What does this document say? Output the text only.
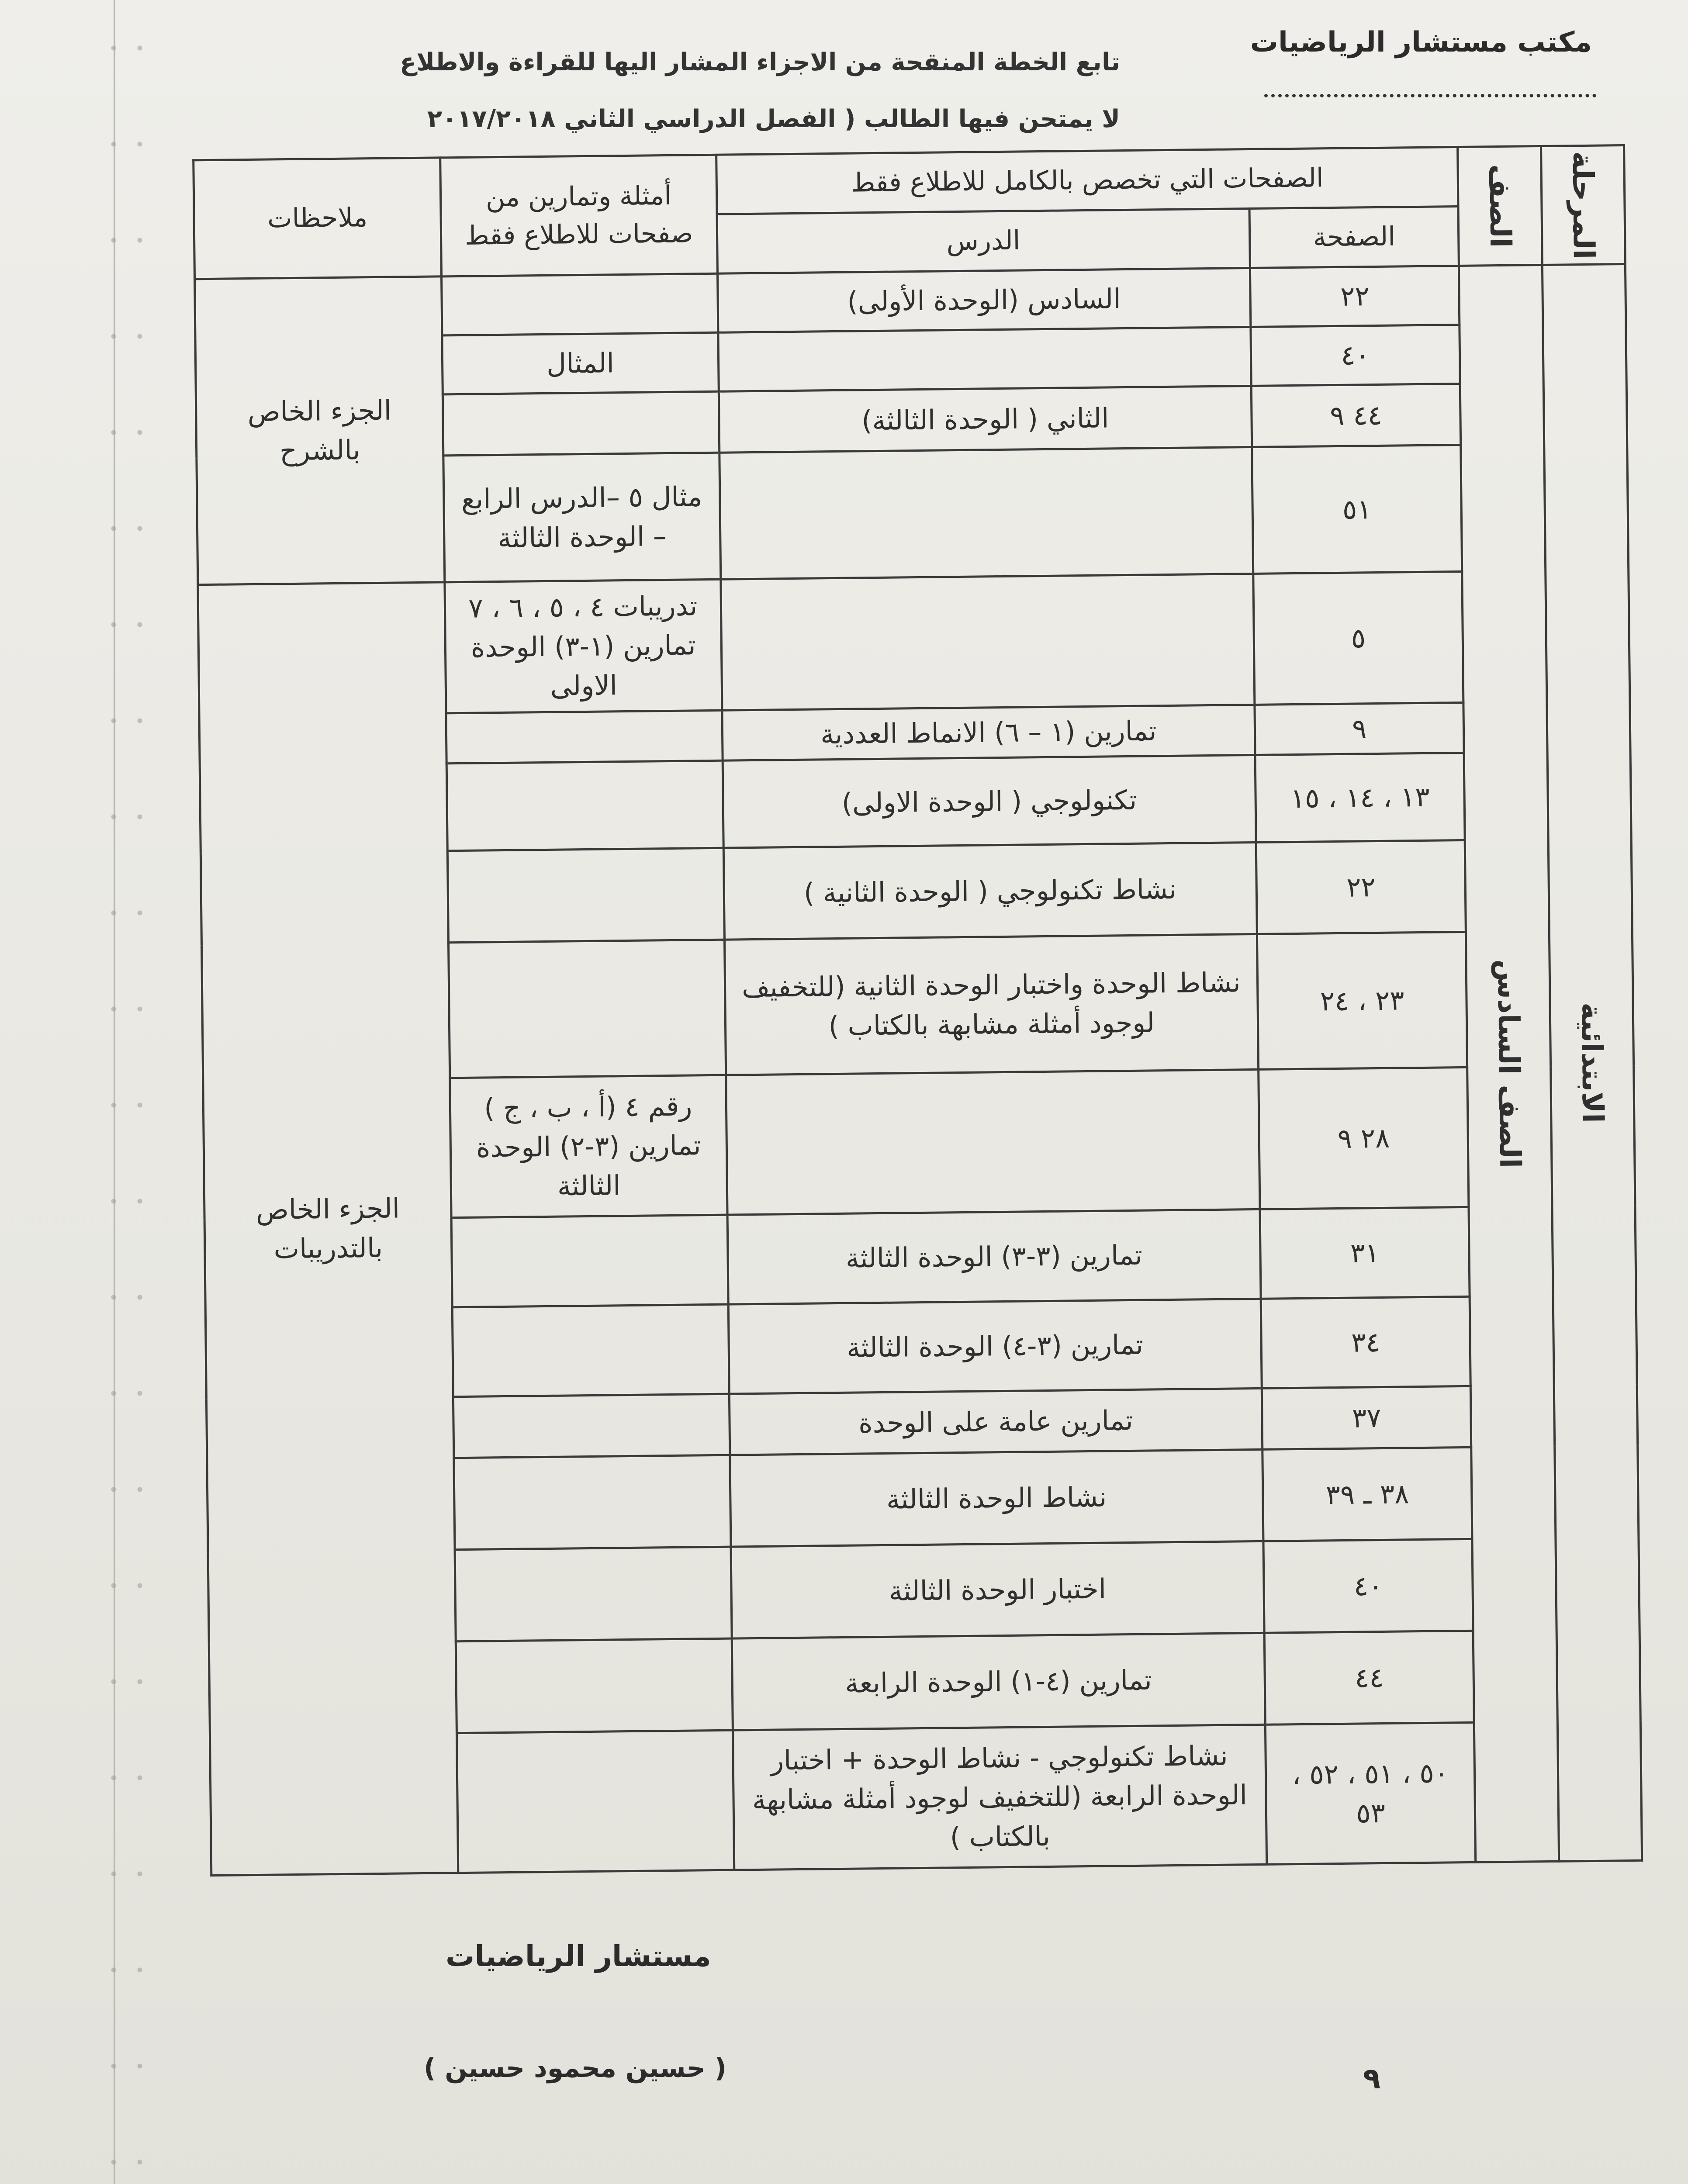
مكتب مستشار الرياضيات
تابع الخطة المنقحة من الاجزاء المشار اليها للقراءة والاطلاع
لا يمتحن فيها الطالب ( الفصل الدراسي الثاني ٢٠١٧/٢٠١٨
المرحلة	الصف	الصفحات التي تخصص بالكامل للاطلاع فقط		أمثلة وتمارين من صفحات للاطلاع فقط	ملاحظات
		الصفحة	الدرس		

الابتدائية	الصف السادس	٢٢	السادس (الوحدة الأولى)		الجزء الخاص بالشرح
		٤٠		المثال	
		٤٤ ٩	الثاني ( الوحدة الثالثة)		
		٥١		مثال ٥ –الدرس الرابع – الوحدة الثالثة	
		٥		تدريبات ٤ ، ٥ ، ٦ ، ٧ تمارين (١-٣) الوحدة الاولى	الجزء الخاص بالتدريبات
		٩	تمارين (١ – ٦) الانماط العددية		
		١٣ ، ١٤ ، ١٥	تكنولوجي ( الوحدة الاولى)		
		٢٢	نشاط تكنولوجي ( الوحدة الثانية )		
		٢٣ ، ٢٤	نشاط الوحدة واختبار الوحدة الثانية (للتخفيف لوجود أمثلة مشابهة بالكتاب )		
		٢٨ ٩		رقم ٤ (أ ، ب ، ج ) تمارين (٣-٢) الوحدة الثالثة	
		٣١	تمارين (٣-٣) الوحدة الثالثة		
		٣٤	تمارين (٣-٤) الوحدة الثالثة		
		٣٧	تمارين عامة على الوحدة		
		٣٨ ـ ٣٩	نشاط الوحدة الثالثة		
		٤٠	اختبار الوحدة الثالثة		
		٤٤	تمارين (٤-١) الوحدة الرابعة		
		٥٠ ، ٥١ ، ٥٢ ، ٥٣	نشاط تكنولوجي - نشاط الوحدة + اختبار الوحدة الرابعة (للتخفيف لوجود أمثلة مشابهة بالكتاب )		
مستشار الرياضيات
( حسين محمود حسين )	٩
